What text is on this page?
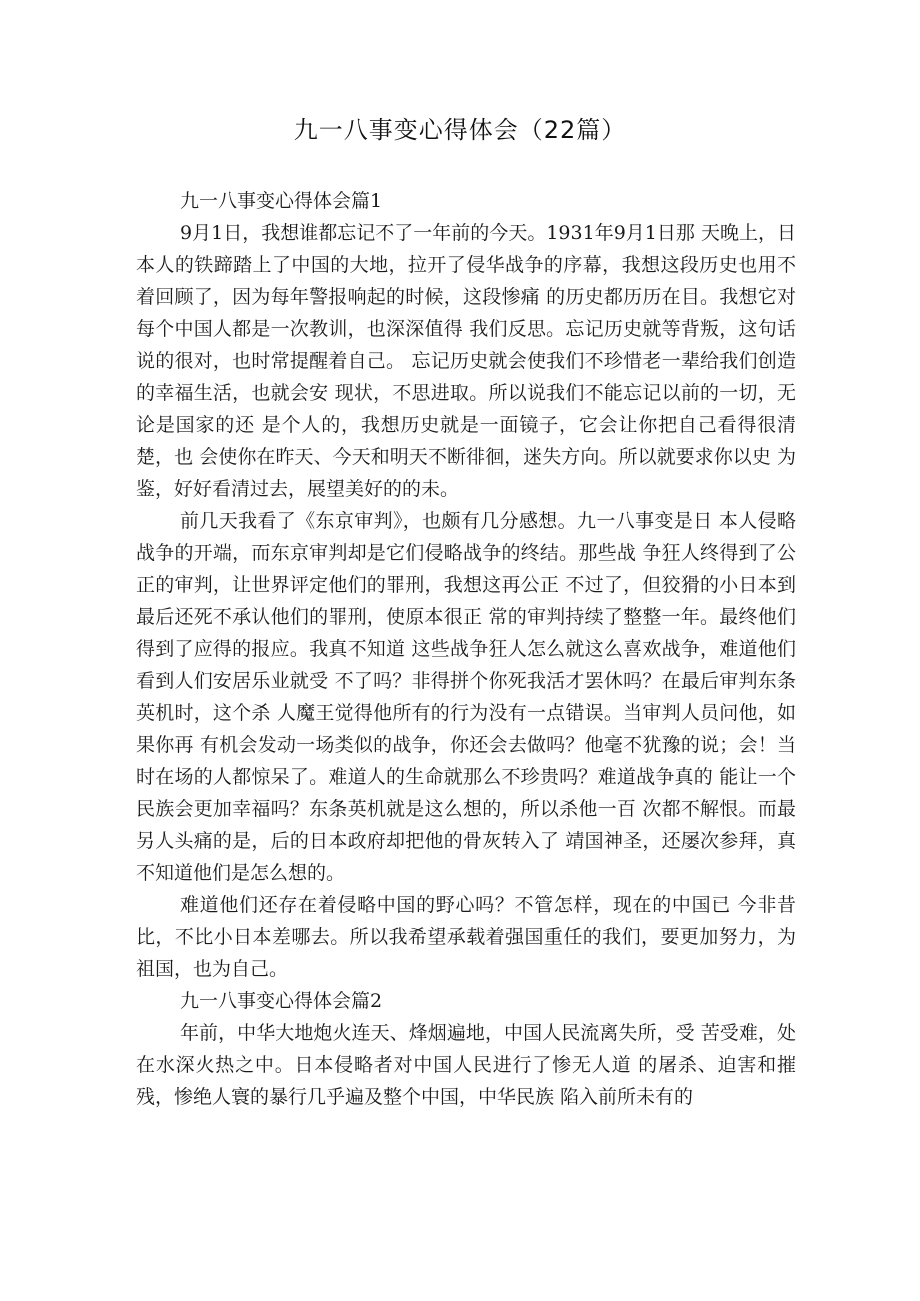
九一八事变心得体会（22篇）
九一八事变心得体会篇1

9月1日，我想谁都忘记不了一年前的今天。1931年9月1日那 天晚上，日本人的铁蹄踏上了中国的大地，拉开了侵华战争的序幕，我想这段历史也用不着回顾了，因为每年警报响起的时候，这段惨痛 的历史都历历在目。我想它对每个中国人都是一次教训，也深深值得 我们反思。忘记历史就等背叛，这句话说的很对，也时常提醒着自己。 忘记历史就会使我们不珍惜老一辈给我们创造的幸福生活，也就会安 现状，不思进取。所以说我们不能忘记以前的一切，无论是国家的还 是个人的，我想历史就是一面镜子，它会让你把自己看得很清楚，也 会使你在昨天、今天和明天不断徘徊，迷失方向。所以就要求你以史 为鉴，好好看清过去，展望美好的的未。

前几天我看了《东京审判》，也颇有几分感想。九一八事变是日 本人侵略战争的开端，而东京审判却是它们侵略战争的终结。那些战 争狂人终得到了公正的审判，让世界评定他们的罪刑，我想这再公正 不过了，但狡猾的小日本到最后还死不承认他们的罪刑，使原本很正 常的审判持续了整整一年。最终他们得到了应得的报应。我真不知道 这些战争狂人怎么就这么喜欢战争，难道他们看到人们安居乐业就受 不了吗？非得拼个你死我活才罢休吗？在最后审判东条英机时，这个杀 人魔王觉得他所有的行为没有一点错误。当审判人员问他，如果你再 有机会发动一场类似的战争，你还会去做吗？他毫不犹豫的说；会！当 时在场的人都惊呆了。难道人的生命就那么不珍贵吗？难道战争真的 能让一个民族会更加幸福吗？东条英机就是这么想的，所以杀他一百 次都不解恨。而最另人头痛的是，后的日本政府却把他的骨灰转入了 靖国神圣，还屡次参拜，真不知道他们是怎么想的。

难道他们还存在着侵略中国的野心吗？不管怎样，现在的中国已 今非昔比，不比小日本差哪去。所以我希望承载着强国重任的我们，要更加努力，为祖国，也为自己。

九一八事变心得体会篇2

年前，中华大地炮火连天、烽烟遍地，中国人民流离失所，受 苦受难，处在水深火热之中。日本侵略者对中国人民进行了惨无人道 的屠杀、迫害和摧残，惨绝人寰的暴行几乎遍及整个中国，中华民族 陷入前所未有的
